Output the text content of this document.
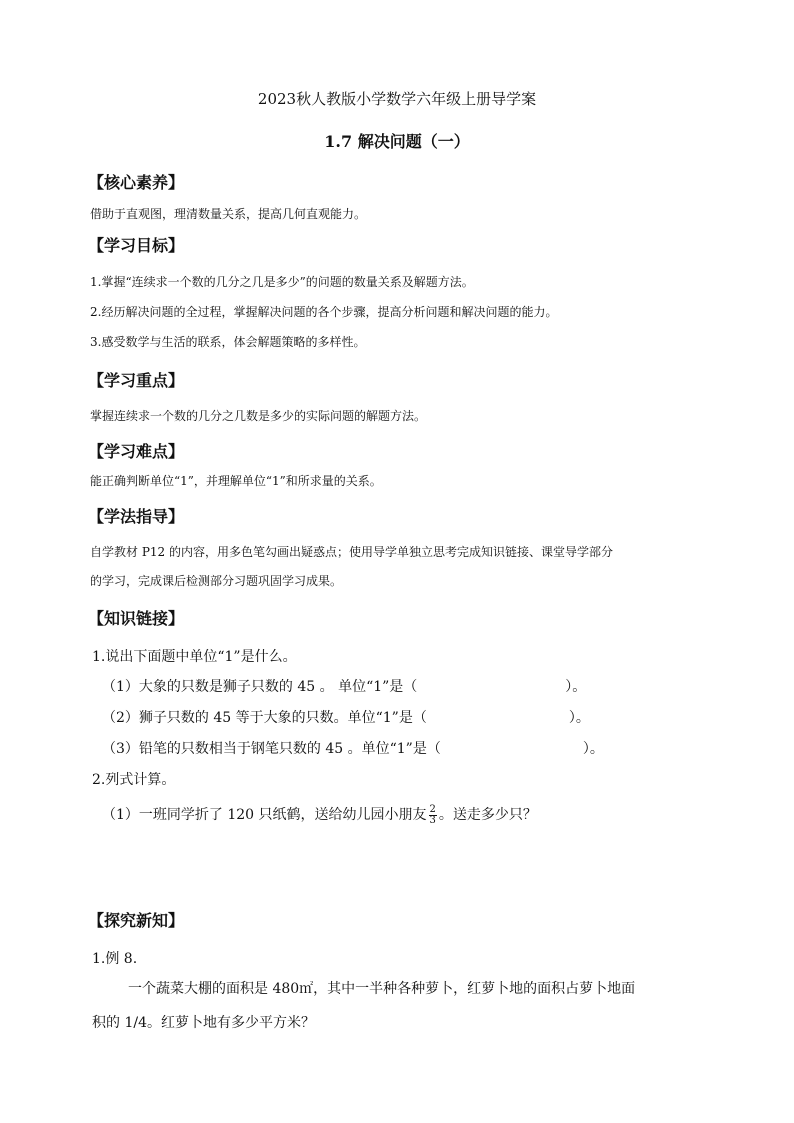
2023秋人教版小学数学六年级上册导学案
1.7 解决问题（一）
【核心素养】
借助于直观图，理清数量关系，提高几何直观能力。
【学习目标】
1.掌握“连续求一个数的几分之几是多少”的问题的数量关系及解题方法。
2.经历解决问题的全过程，掌握解决问题的各个步骤，提高分析问题和解决问题的能力。
3.感受数学与生活的联系，体会解题策略的多样性。
【学习重点】
掌握连续求一个数的几分之几数是多少的实际问题的解题方法。
【学习难点】
能正确判断单位“1”，并理解单位“1”和所求量的关系。
【学法指导】
自学教材 P12 的内容，用多色笔勾画出疑惑点；使用导学单独立思考完成知识链接、课堂导学部分
的学习，完成课后检测部分习题巩固学习成果。
【知识链接】
1.说出下面题中单位“1”是什么。
（1）大象的只数是狮子只数的 45 。 单位“1”是（	）。
（2）狮子只数的 45 等于大象的只数。单位“1”是（	）。
（3）铅笔的只数相当于钢笔只数的 45 。单位“1”是（	）。
2.列式计算。
（1）一班同学折了 120 只纸鹤，送给幼儿园小朋友 $\frac{2}{3}$ 。送走多少只？
【探究新知】
1.例 8.
一个蔬菜大棚的面积是 480㎡，其中一半种各种萝卜，红萝卜地的面积占萝卜地面
积的 1/4。红萝卜地有多少平方米？
